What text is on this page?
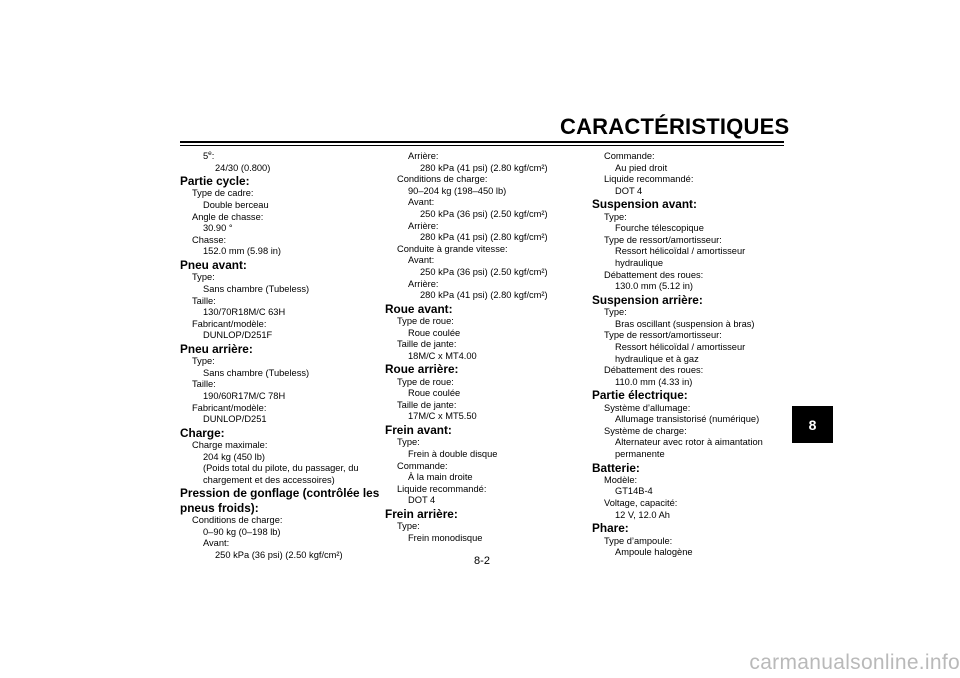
CARACTÉRISTIQUES
5e:
24/30 (0.800)
Partie cycle:
Type de cadre:
Double berceau
Angle de chasse:
30.90 °
Chasse:
152.0 mm (5.98 in)
Pneu avant:
Type:
Sans chambre (Tubeless)
Taille:
130/70R18M/C 63H
Fabricant/modèle:
DUNLOP/D251F
Pneu arrière:
Type:
Sans chambre (Tubeless)
Taille:
190/60R17M/C 78H
Fabricant/modèle:
DUNLOP/D251
Charge:
Charge maximale:
204 kg (450 lb)
(Poids total du pilote, du passager, du
chargement et des accessoires)
Pression de gonflage (contrôlée les pneus froids):
Conditions de charge:
0–90 kg (0–198 lb)
Avant:
250 kPa (36 psi) (2.50 kgf/cm²)
Arrière:
280 kPa (41 psi) (2.80 kgf/cm²)
Conditions de charge:
90–204 kg (198–450 lb)
Avant:
250 kPa (36 psi) (2.50 kgf/cm²)
Arrière:
280 kPa (41 psi) (2.80 kgf/cm²)
Conduite à grande vitesse:
Avant:
250 kPa (36 psi) (2.50 kgf/cm²)
Arrière:
280 kPa (41 psi) (2.80 kgf/cm²)
Roue avant:
Type de roue:
Roue coulée
Taille de jante:
18M/C x MT4.00
Roue arrière:
Type de roue:
Roue coulée
Taille de jante:
17M/C x MT5.50
Frein avant:
Type:
Frein à double disque
Commande:
À la main droite
Liquide recommandé:
DOT 4
Frein arrière:
Type:
Frein monodisque
Commande:
Au pied droit
Liquide recommandé:
DOT 4
Suspension avant:
Type:
Fourche télescopique
Type de ressort/amortisseur:
Ressort hélicoïdal / amortisseur
hydraulique
Débattement des roues:
130.0 mm (5.12 in)
Suspension arrière:
Type:
Bras oscillant (suspension à bras)
Type de ressort/amortisseur:
Ressort hélicoïdal / amortisseur
hydraulique et à gaz
Débattement des roues:
110.0 mm (4.33 in)
Partie électrique:
Système d’allumage:
Allumage transistorisé (numérique)
Système de charge:
Alternateur avec rotor à aimantation
permanente
Batterie:
Modèle:
GT14B-4
Voltage, capacité:
12 V, 12.0 Ah
Phare:
Type d’ampoule:
Ampoule halogène
8
8-2
carmanualsonline.info
